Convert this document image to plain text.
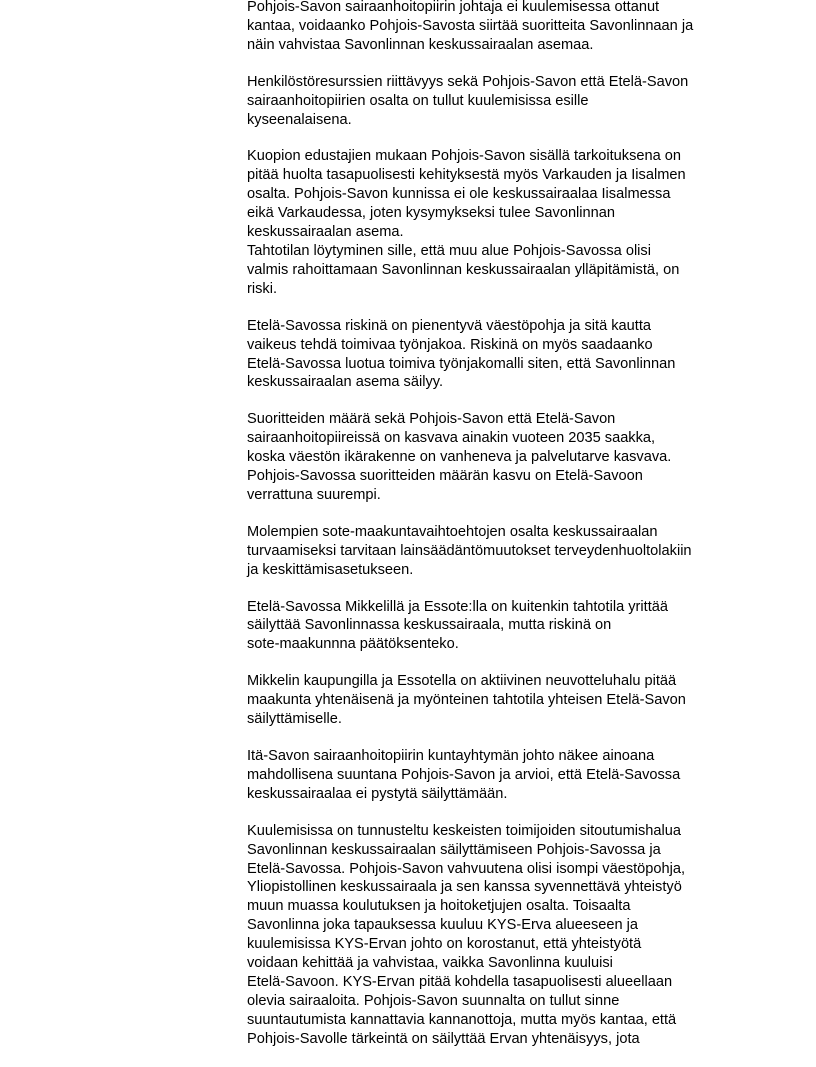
Pohjois-Savon sairaanhoitopiirin johtaja ei kuulemisessa ottanut
kantaa, voidaanko Pohjois-Savosta siirtää suoritteita Savonlinnaan ja
näin vahvistaa Savonlinnan keskussairaalan asemaa.

Henkilöstöresurssien riittävyys sekä Pohjois-Savon että Etelä-Savon
sairaanhoitopiirien osalta on tullut kuulemisissa esille
kyseenalaisena.

Kuopion edustajien mukaan Pohjois-Savon sisällä tarkoituksena on
pitää huolta tasapuolisesti kehityksestä myös Varkauden ja Iisalmen
osalta. Pohjois-Savon kunnissa ei ole keskussairaalaa Iisalmessa
eikä Varkaudessa, joten kysymykseksi tulee Savonlinnan
keskussairaalan asema.
Tahtotilan löytyminen sille, että muu alue Pohjois-Savossa olisi
valmis rahoittamaan Savonlinnan keskussairaalan ylläpitämistä, on
riski.

Etelä-Savossa riskinä on pienentyvä väestöpohja ja sitä kautta
vaikeus tehdä toimivaa työnjakoa. Riskinä on myös saadaanko
Etelä-Savossa luotua toimiva työnjakomalli siten, että Savonlinnan
keskussairaalan asema säilyy.

Suoritteiden määrä sekä Pohjois-Savon että Etelä-Savon
sairaanhoitopiireissä on kasvava ainakin vuoteen 2035 saakka,
koska väestön ikärakenne on vanheneva ja palvelutarve kasvava.
Pohjois-Savossa suoritteiden määrän kasvu on Etelä-Savoon
verrattuna suurempi.

Molempien sote-maakuntavaihtoehtojen osalta keskussairaalan
turvaamiseksi tarvitaan lainsäädäntömuutokset terveydenhuoltolakiin
ja keskittämisasetukseen.

Etelä-Savossa Mikkelillä ja Essote:lla on kuitenkin tahtotila yrittää
säilyttää Savonlinnassa keskussairaala, mutta riskinä on
sote-maakunnna päätöksenteko.

Mikkelin kaupungilla ja Essotella on aktiivinen neuvotteluhalu pitää
maakunta yhtenäisenä ja myönteinen tahtotila yhteisen Etelä-Savon
säilyttämiselle.

Itä-Savon sairaanhoitopiirin kuntayhtymän johto näkee ainoana
mahdollisena suuntana Pohjois-Savon ja arvioi, että Etelä-Savossa
keskussairaalaa ei pystytä säilyttämään.

Kuulemisissa on tunnusteltu keskeisten toimijoiden sitoutumishalua
Savonlinnan keskussairaalan säilyttämiseen Pohjois-Savossa ja
Etelä-Savossa. Pohjois-Savon vahvuutena olisi isompi väestöpohja,
Yliopistollinen keskussairaala ja sen kanssa syvennettävä yhteistyö
muun muassa koulutuksen ja hoitoketjujen osalta. Toisaalta
Savonlinna joka tapauksessa kuuluu KYS-Erva alueeseen ja
kuulemisissa KYS-Ervan johto on korostanut, että yhteistyötä
voidaan kehittää ja vahvistaa, vaikka Savonlinna kuuluisi
Etelä-Savoon. KYS-Ervan pitää kohdella tasapuolisesti alueellaan
olevia sairaaloita. Pohjois-Savon suunnalta on tullut sinne
suuntautumista kannattavia kannanottoja, mutta myös kantaa, että
Pohjois-Savolle tärkeintä on säilyttää Ervan yhtenäisyys, jota
